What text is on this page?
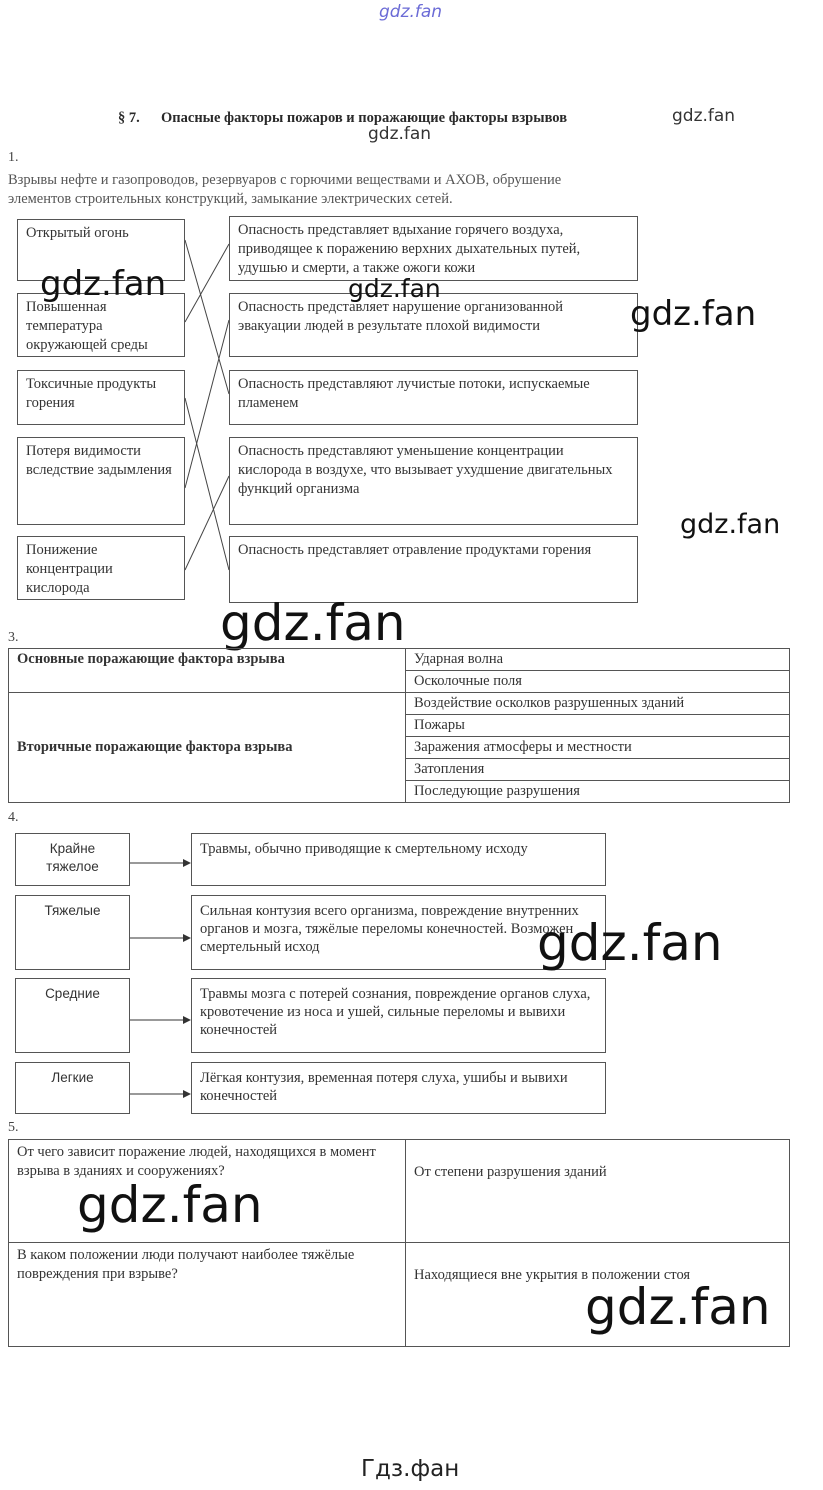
gdz.fan
§ 7. Опасные факторы пожаров и поражающие факторы взрывов	gdz.fan
gdz.fan
1.
Взрывы нефте и газопроводов, резервуаров с горючими веществами и АХОВ, обрушение
элементов строительных конструкций, замыкание электрических сетей.
Открытый огонь
Повышенная температура окружающей среды
Токсичные продукты горения
Потеря видимости вследствие задымления
Понижение концентрации кислорода
Опасность представляет вдыхание горячего воздуха, приводящее к поражению верхних дыхательных путей, удушью и смерти, а также ожоги кожи
Опасность представляет нарушение организованной эвакуации людей в результате плохой видимости
Опасность представляют лучистые потоки, испускаемые пламенем
Опасность представляют уменьшение концентрации кислорода в воздухе, что вызывает ухудшение двигательных функций организма
Опасность представляет отравление продуктами горения
gdz.fan	gdz.fan
gdz.fan
gdz.fan
gdz.fan
3.
Основные поражающие фактора взрыва	Ударная волна
	Осколочные поля
Вторичные поражающие фактора взрыва	Воздействие осколков разрушенных зданий
	Пожары
	Заражения атмосферы и местности
	Затопления
	Последующие разрушения
4.
Крайне тяжелое
Тяжелые
Средние
Легкие
Травмы, обычно приводящие к смертельному исходу
Сильная контузия всего организма, повреждение внутренних органов и мозга, тяжёлые переломы конечностей. Возможен смертельный исход
Травмы мозга с потерей сознания, повреждение органов слуха, кровотечение из носа и ушей, сильные переломы и вывихи конечностей
Лёгкая контузия, временная потеря слуха, ушибы и вывихи конечностей
gdz.fan
5.
От чего зависит поражение людей, находящихся в момент взрыва в зданиях и сооружениях?	От степени разрушения зданий
В каком положении люди получают наиболее тяжёлые повреждения при взрыве?	Находящиеся вне укрытия в положении стоя
gdz.fan
gdz.fan
Гдз.фан
